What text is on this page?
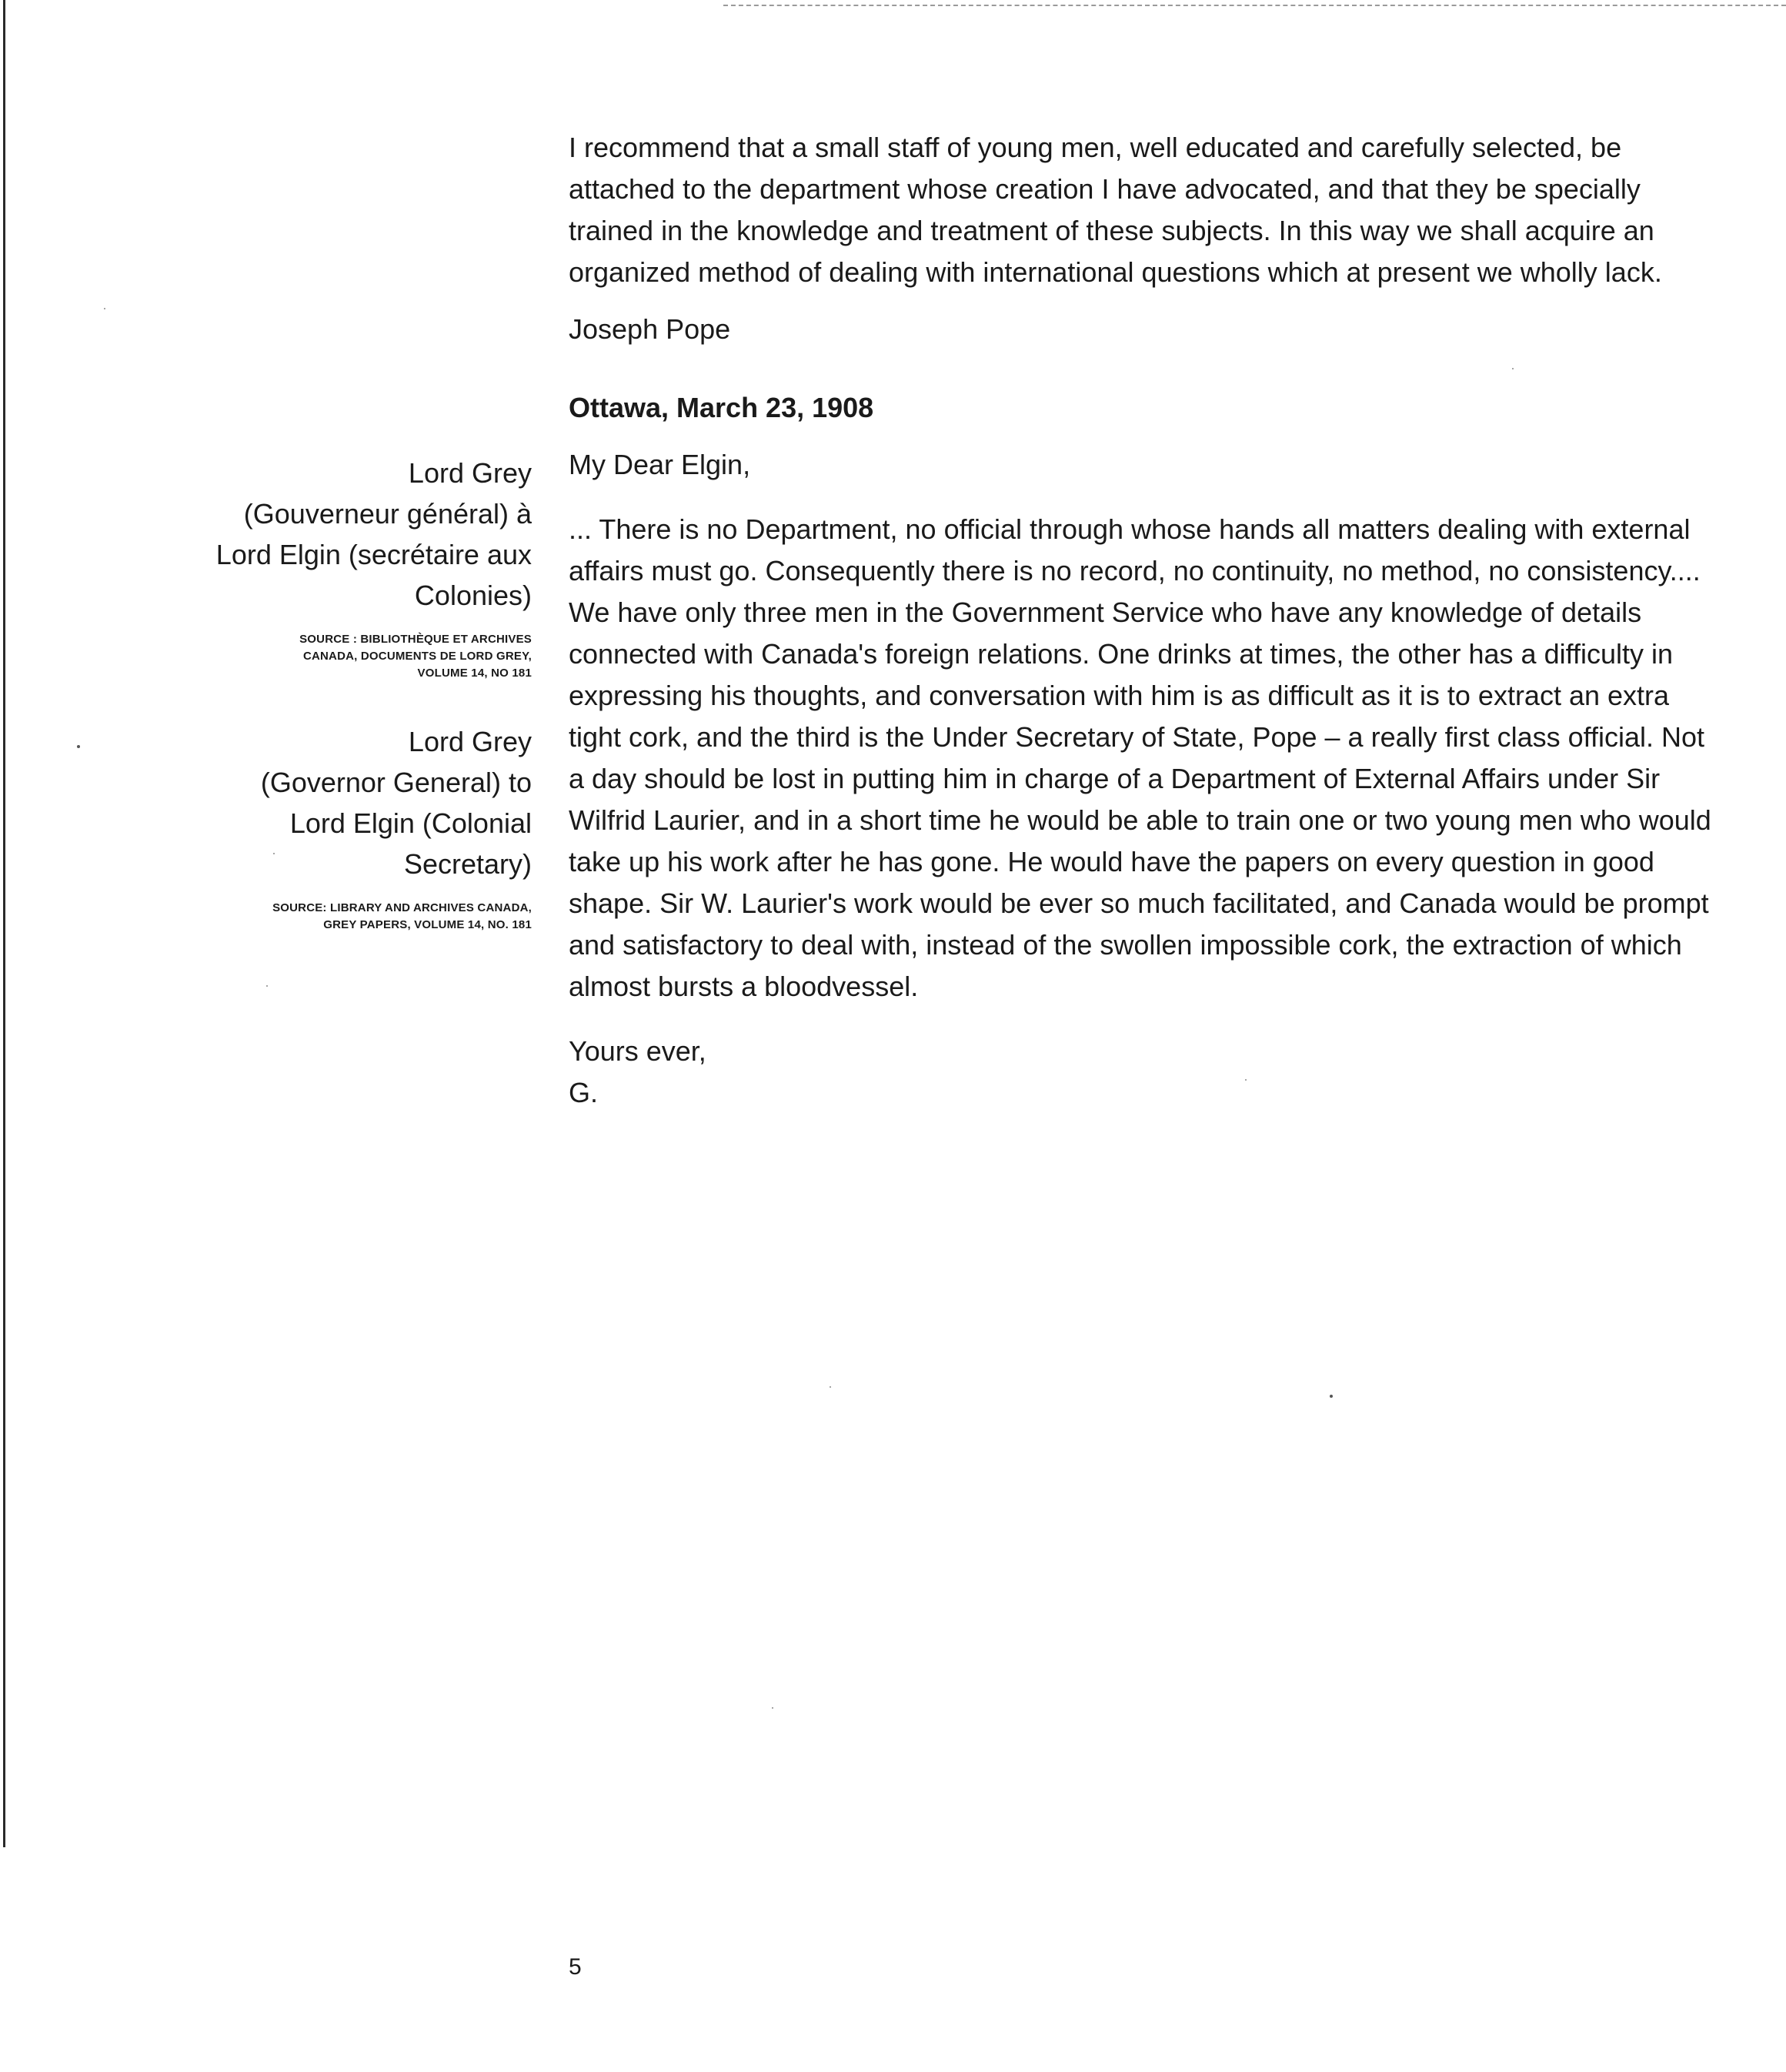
I recommend that a small staff of young men, well educated and carefully selected, be attached to the department whose creation I have advocated, and that they be specially trained in the knowledge and treatment of these subjects. In this way we shall acquire an organized method of dealing with international questions which at present we wholly lack.

Joseph Pope

Ottawa, March 23, 1908

My Dear Elgin,

... There is no Department, no official through whose hands all matters dealing with external affairs must go. Consequently there is no record, no continuity, no method, no consistency.... We have only three men in the Government Service who have any knowledge of details connected with Canada's foreign relations. One drinks at times, the other has a difficulty in expressing his thoughts, and conversation with him is as difficult as it is to extract an extra tight cork, and the third is the Under Secretary of State, Pope – a really first class official. Not a day should be lost in putting him in charge of a Department of External Affairs under Sir Wilfrid Laurier, and in a short time he would be able to train one or two young men who would take up his work after he has gone. He would have the papers on every question in good shape. Sir W. Laurier's work would be ever so much facilitated, and Canada would be prompt and satisfactory to deal with, instead of the swollen impossible cork, the extraction of which almost bursts a bloodvessel.

Yours ever,

G.

Lord Grey

(Gouverneur général) à

Lord Elgin (secrétaire aux

Colonies)

SOURCE : BIBLIOTHÈQUE ET ARCHIVES
CANADA, DOCUMENTS DE LORD GREY,
VOLUME 14, NO 181

Lord Grey

(Governor General) to

Lord Elgin (Colonial

Secretary)

SOURCE: LIBRARY AND ARCHIVES CANADA,
GREY PAPERS, VOLUME 14, NO. 181
5
